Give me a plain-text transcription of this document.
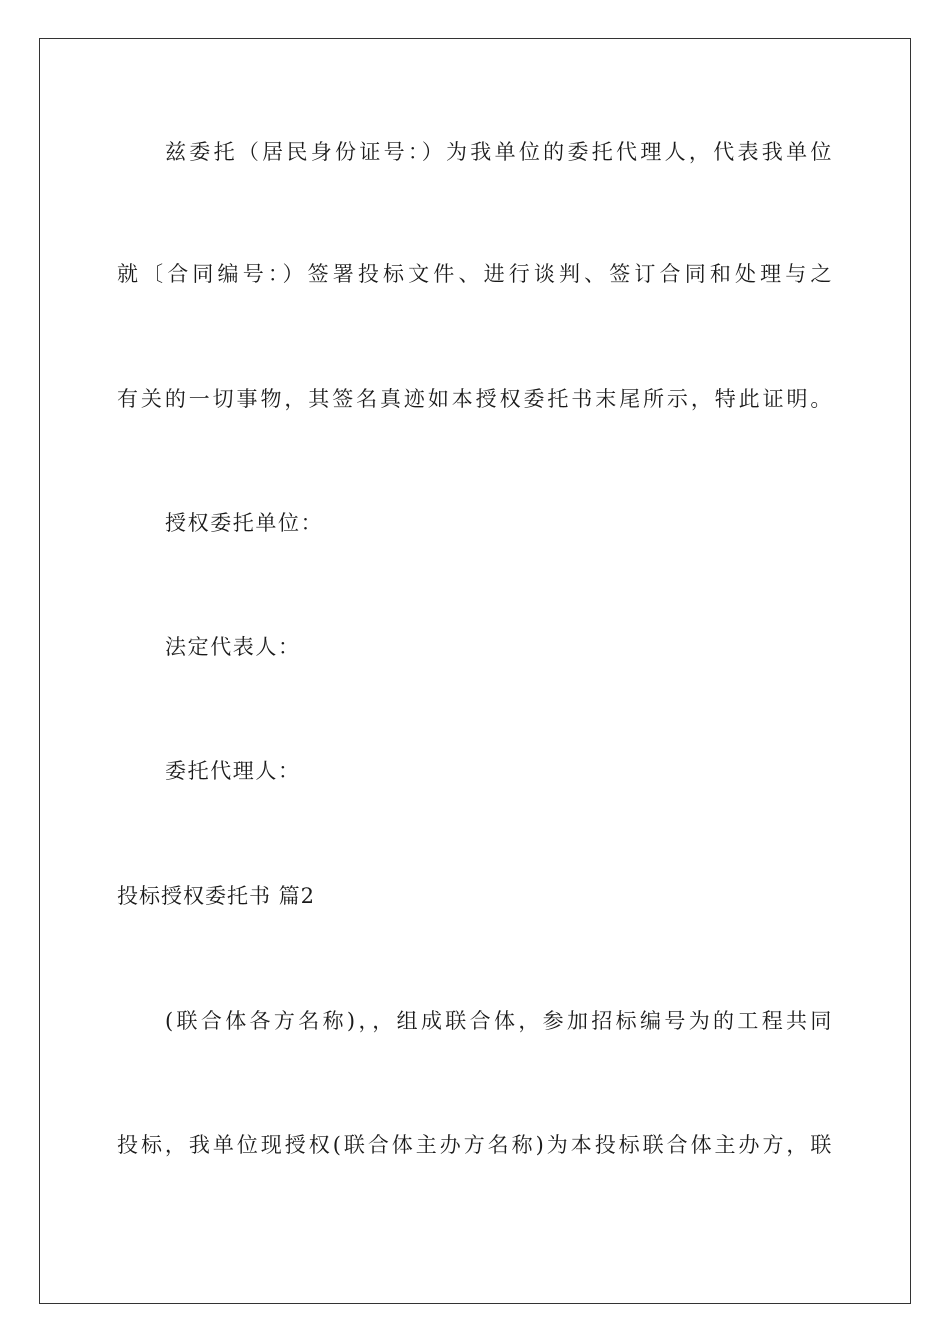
兹委托（居民身份证号：）为我单位的委托代理人，代表我单位
就〔合同编号：）签署投标文件、进行谈判、签订合同和处理与之
有关的一切事物，其签名真迹如本授权委托书末尾所示，特此证明。
授权委托单位：
法定代表人：
委托代理人：
投标授权委托书 篇2
(联合体各方名称)，，组成联合体，参加招标编号为的工程共同
投标，我单位现授权(联合体主办方名称)为本投标联合体主办方，联
